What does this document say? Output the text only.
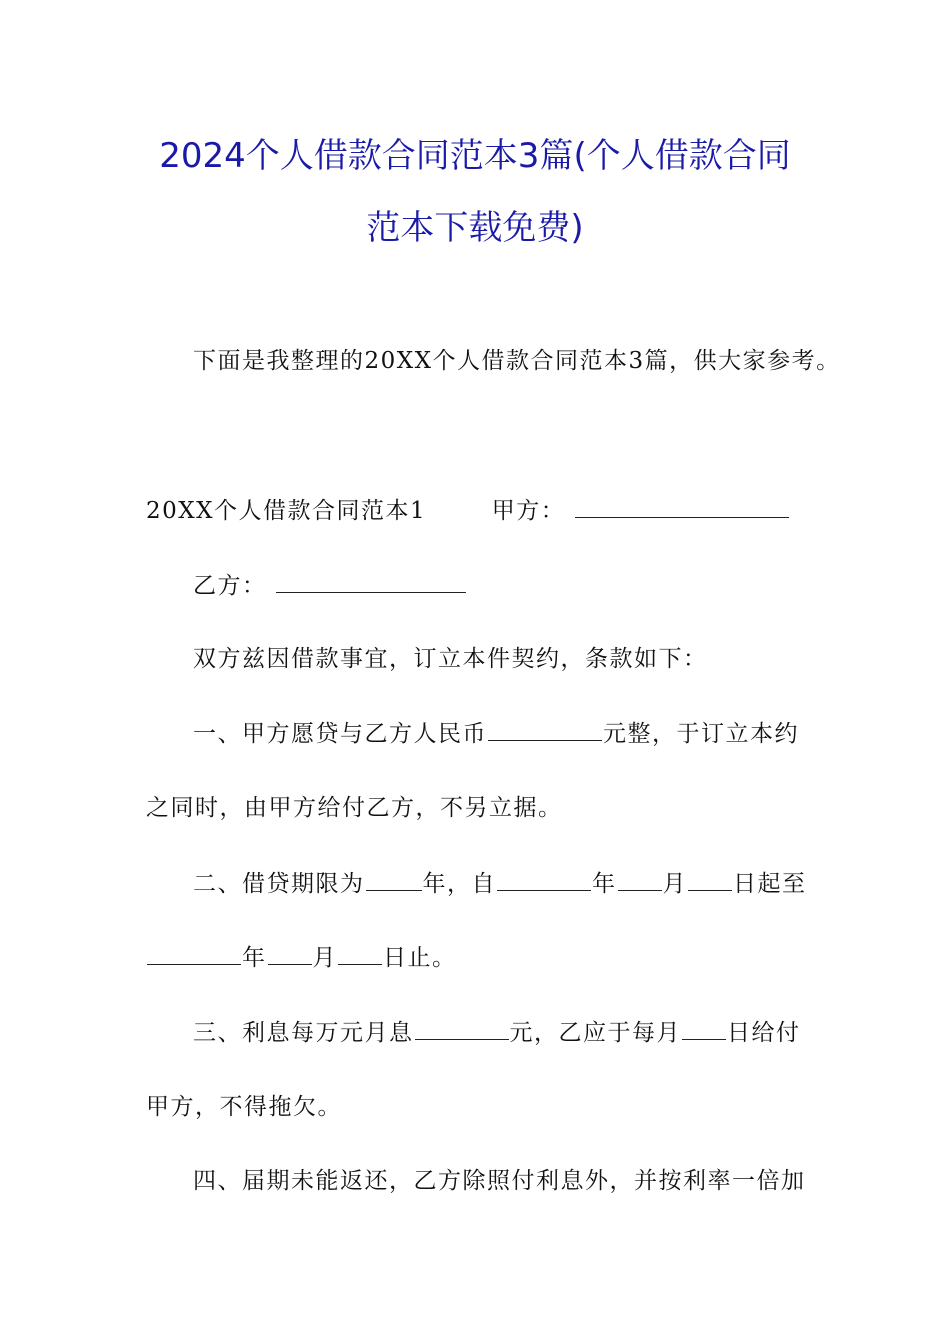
2024个人借款合同范本3篇(个人借款合同
范本下载免费)
下面是我整理的20XX个人借款合同范本3篇，供大家参考。
20XX个人借款合同范本1	甲方：
乙方：
双方兹因借款事宜，订立本件契约，条款如下：
一、甲方愿贷与乙方人民币	元整，于订立本约
之同时，由甲方给付乙方，不另立据。
二、借贷期限为	年，自	年 月 日起至
年 月 日止。
三、利息每万元月息	元，乙应于每月 日给付
甲方，不得拖欠。
四、届期未能返还，乙方除照付利息外，并按利率一倍加
